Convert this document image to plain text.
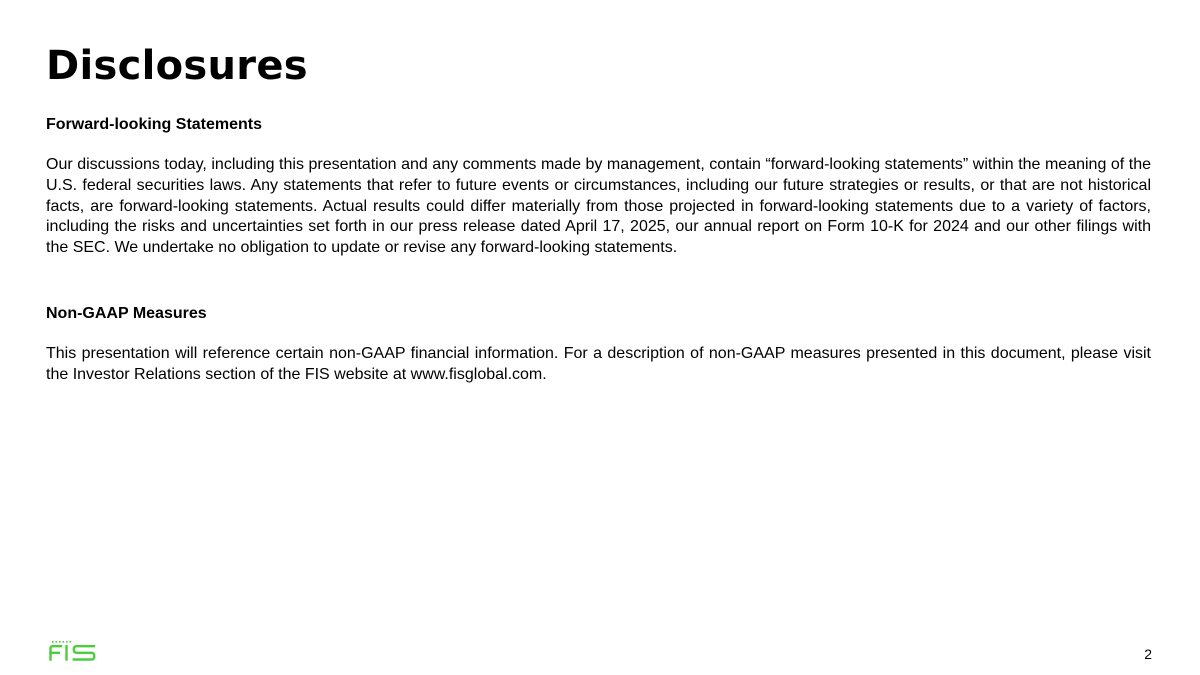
Disclosures

Forward-looking Statements

Our discussions today, including this presentation and any comments made by management, contain “forward-looking statements” within the meaning of the U.S. federal securities laws. Any statements that refer to future events or circumstances, including our future strategies or results, or that are not historical facts, are forward-looking statements. Actual results could differ materially from those projected in forward-looking statements due to a variety of factors, including the risks and uncertainties set forth in our press release dated April 17, 2025, our annual report on Form 10-K for 2024 and our other filings with the SEC. We undertake no obligation to update or revise any forward-looking statements.

Non-GAAP Measures

This presentation will reference certain non-GAAP financial information. For a description of non-GAAP measures presented in this document, please visit the Investor Relations section of the FIS website at www.fisglobal.com.

2
